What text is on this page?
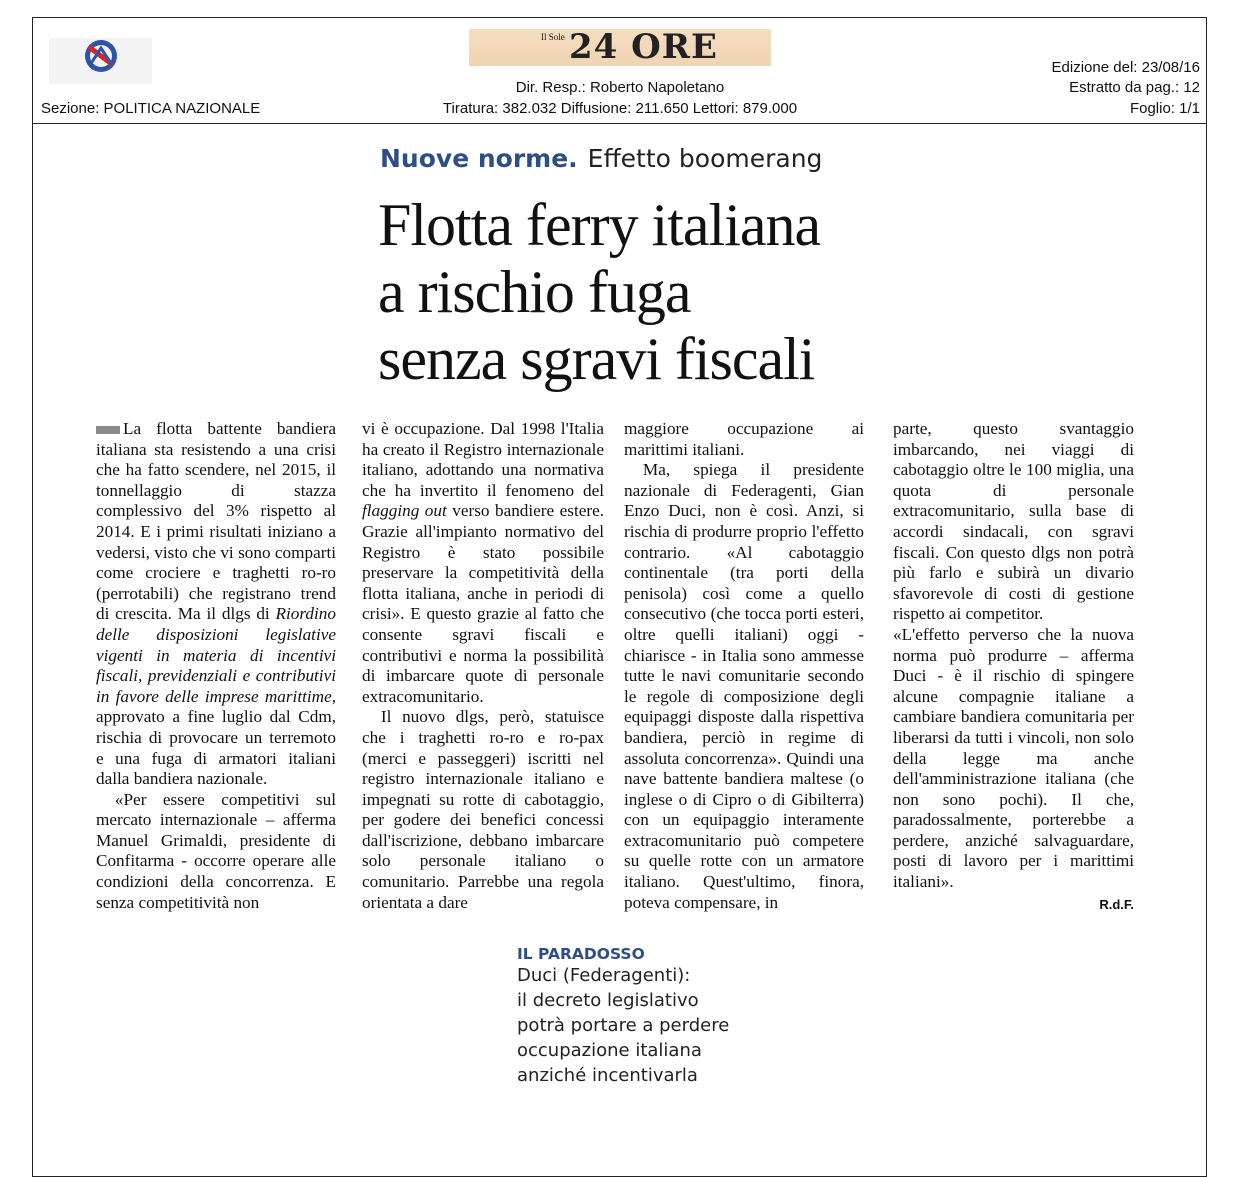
Il Sole 24 ORE
Sezione: POLITICA NAZIONALE
Dir. Resp.: Roberto Napoletano
Tiratura: 382.032 Diffusione: 211.650 Lettori: 879.000
Edizione del: 23/08/16
Estratto da pag.: 12
Foglio: 1/1
Nuove norme. Effetto boomerang
Flotta ferry italiana
a rischio fuga
senza sgravi fiscali

La flotta battente bandiera italiana sta resistendo a una crisi che ha fatto scendere, nel 2015, il tonnellaggio di stazza complessivo del 3% rispetto al 2014. E i primi risultati iniziano a vedersi, visto che vi sono comparti come crociere e traghetti ro-ro (perrotabili) che registrano trend di crescita. Ma il dlgs di Riordino delle disposizioni legislative vigenti in materia di incentivi fiscali, previdenziali e contributivi in favore delle imprese marittime, approvato a fine luglio dal Cdm, rischia di provocare un terremoto e una fuga di armatori italiani dalla bandiera nazionale.

«Per essere competitivi sul mercato internazionale – afferma Manuel Grimaldi, presidente di Confitarma - occorre operare alle condizioni della concorrenza. E senza competitività non

vi è occupazione. Dal 1998 l'Italia ha creato il Registro internazionale italiano, adottando una normativa che ha invertito il fenomeno del flagging out verso bandiere estere. Grazie all'impianto normativo del Registro è stato possibile preservare la competitività della flotta italiana, anche in periodi di crisi». E questo grazie al fatto che consente sgravi fiscali e contributivi e norma la possibilità di imbarcare quote di personale extracomunitario.

Il nuovo dlgs, però, statuisce che i traghetti ro-ro e ro-pax (merci e passeggeri) iscritti nel registro internazionale italiano e impegnati su rotte di cabotaggio, per godere dei benefici concessi dall'iscrizione, debbano imbarcare solo personale italiano o comunitario. Parrebbe una regola orientata a dare

maggiore occupazione ai marittimi italiani.

Ma, spiega il presidente nazionale di Federagenti, Gian Enzo Duci, non è così. Anzi, si rischia di produrre proprio l'effetto contrario. «Al cabotaggio continentale (tra porti della penisola) così come a quello consecutivo (che tocca porti esteri, oltre quelli italiani) oggi - chiarisce - in Italia sono ammesse tutte le navi comunitarie secondo le regole di composizione degli equipaggi disposte dalla rispettiva bandiera, perciò in regime di assoluta concorrenza». Quindi una nave battente bandiera maltese (o inglese o di Cipro o di Gibilterra) con un equipaggio interamente extracomunitario può competere su quelle rotte con un armatore italiano. Quest'ultimo, finora, poteva compensare, in

parte, questo svantaggio imbarcando, nei viaggi di cabotaggio oltre le 100 miglia, una quota di personale extracomunitario, sulla base di accordi sindacali, con sgravi fiscali. Con questo dlgs non potrà più farlo e subirà un divario sfavorevole di costi di gestione rispetto ai competitor.

«L'effetto perverso che la nuova norma può produrre – afferma Duci - è il rischio di spingere alcune compagnie italiane a cambiare bandiera comunitaria per liberarsi da tutti i vincoli, non solo della legge ma anche dell'amministrazione italiana (che non sono pochi). Il che, paradossalmente, porterebbe a perdere, anziché salvaguardare, posti di lavoro per i marittimi italiani».

R.d.F.
IL PARADOSSO
Duci (Federagenti):
il decreto legislativo
potrà portare a perdere
occupazione italiana
anziché incentivarla
